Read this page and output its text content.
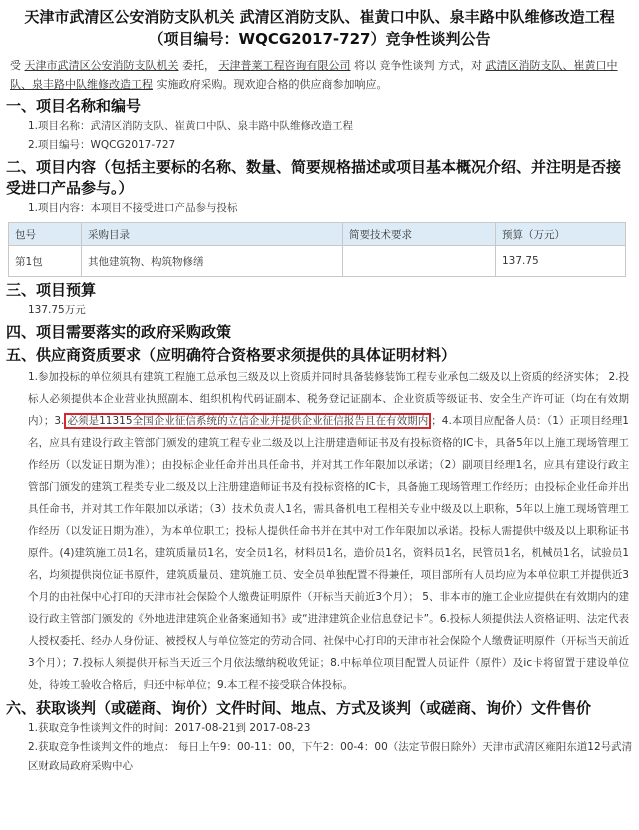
天津市武清区公安消防支队机关 武清区消防支队、崔黄口中队、泉丰路中队维修改造工程 （项目编号：WQCG2017-727）竞争性谈判公告
受 天津市武清区公安消防支队机关 委托， 天津普莱工程咨询有限公司 将以 竞争性谈判 方式，对 武清区消防支队、崔黄口中队、泉丰路中队维修改造工程 实施政府采购。现欢迎合格的供应商参加响应。
一、项目名称和编号
1.项目名称：武清区消防支队、崔黄口中队、泉丰路中队维修改造工程
2.项目编号：WQCG2017-727
二、项目内容（包括主要标的名称、数量、简要规格描述或项目基本概况介绍、并注明是否接受进口产品参与。）
1.项目内容：本项目不接受进口产品参与投标
包号	采购目录	简要技术要求	预算（万元）
第1包	其他建筑物、构筑物修缮		137.75
三、项目预算
137.75万元
四、项目需要落实的政府采购政策
五、供应商资质要求（应明确符合资格要求须提供的具体证明材料）
1.参加投标的单位须具有建筑工程施工总承包三级及以上资质并同时具备装修装饰工程专业承包二级及以上资质的经济实体； 2.投标人必须提供本企业营业执照副本、组织机构代码证副本、税务登记证副本、企业资质等级证书、安全生产许可证（均在有效期内）；3. 必须是11315全国企业征信系统的立信企业并提供企业征信报告且在有效期内 ；4.本项目应配备人员：（1）正项目经理1名，应具有建设行政主管部门颁发的建筑工程专业二级及以上注册建造师证书及有投标资格的IC卡，具备5年以上施工现场管理工作经历（以发证日期为准）；由投标企业任命并出具任命书，并对其工作年限加以承诺；（2）副项目经理1名，应具有建设行政主管部门颁发的建筑工程类专业二级及以上注册建造师证书及有投标资格的IC卡，具备施工现场管理工作经历；由投标企业任命并出具任命书，并对其工作年限加以承诺；（3）技术负责人1名，需具备机电工程相关专业中级及以上职称，5年以上施工现场管理工作经历（以发证日期为准），为本单位职工；投标人提供任命书并在其中对工作年限加以承诺。投标人需提供中级及以上职称证书原件。(4)建筑施工员1名，建筑质量员1名，安全员1名，材料员1名，造价员1名，资料员1名，民管员1名，机械员1名，试验员1名，均须提供岗位证书原件，建筑质量员、建筑施工员、安全员单独配置不得兼任，项目部所有人员均应为本单位职工并提供近3个月的由社保中心打印的天津市社会保险个人缴费证明原件（开标当天前近3个月）； 5、非本市的施工企业应提供在有效期内的建设行政主管部门颁发的《外地进津建筑企业备案通知书》或“进津建筑企业信息登记卡”。6.投标人须提供法人资格证明、法定代表人授权委托、经办人身份证、被授权人与单位签定的劳动合同、社保中心打印的天津市社会保险个人缴费证明原件（开标当天前近3个月）；7.投标人须提供开标当天近三个月依法缴纳税收凭证；8.中标单位项目配置人员证件（原件）及ic卡将留置于建设单位处，待竣工验收合格后，归还中标单位；9.本工程不接受联合体投标。
六、获取谈判（或磋商、询价）文件时间、地点、方式及谈判（或磋商、询价）文件售价
1.获取竞争性谈判文件的时间：2017-08-21到 2017-08-23
2.获取竞争性谈判文件的地点： 每日上午9：00-11：00，下午2：00-4：00（法定节假日除外）天津市武清区雍阳东道12号武清区财政局政府采购中心
